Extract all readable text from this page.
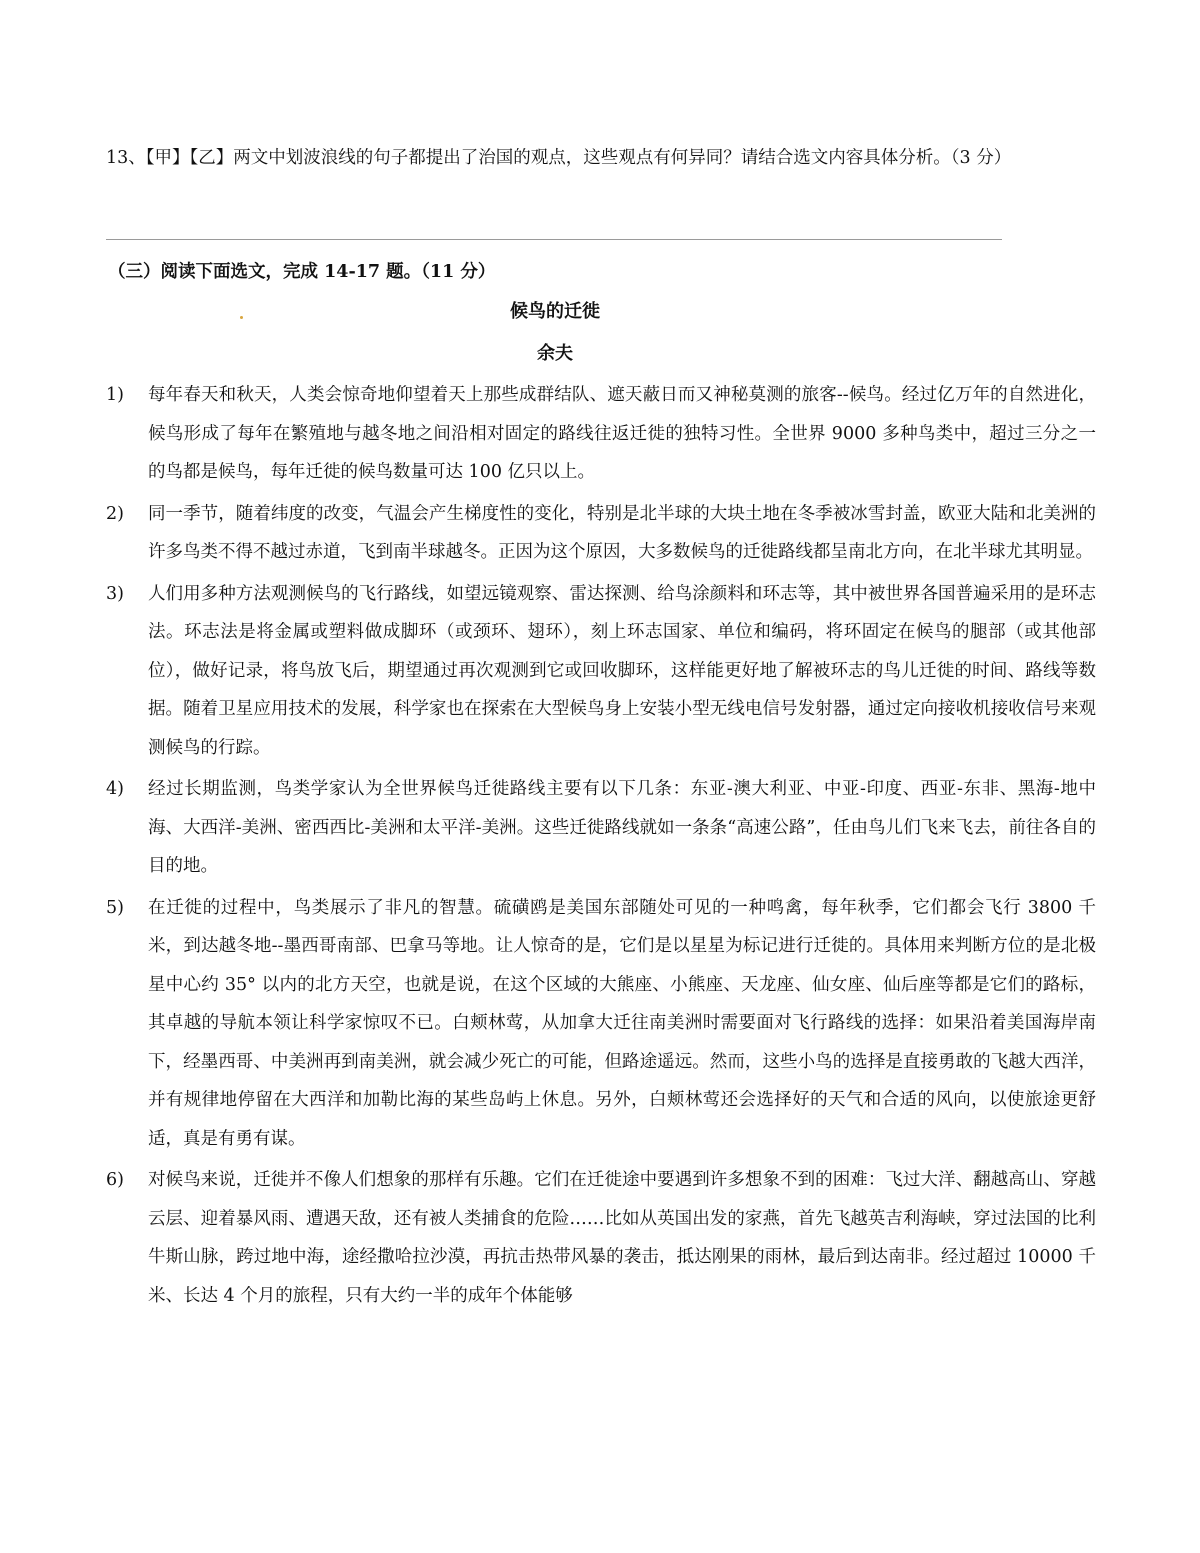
13、【甲】【乙】两文中划波浪线的句子都提出了治国的观点，这些观点有何异同？请结合选文内容具体分析。（3 分）
（三）阅读下面选文，完成 14-17 题。（11 分）
候鸟的迁徙
余夫
1) 每年春天和秋天，人类会惊奇地仰望着天上那些成群结队、遮天蔽日而又神秘莫测的旅客--候鸟。经过亿万年的自然进化，候鸟形成了每年在繁殖地与越冬地之间沿相对固定的路线往返迁徙的独特习性。全世界 9000 多种鸟类中，超过三分之一的鸟都是候鸟，每年迁徙的候鸟数量可达 100 亿只以上。
2) 同一季节，随着纬度的改变，气温会产生梯度性的变化，特别是北半球的大块土地在冬季被冰雪封盖，欧亚大陆和北美洲的许多鸟类不得不越过赤道，飞到南半球越冬。正因为这个原因，大多数候鸟的迁徙路线都呈南北方向，在北半球尤其明显。
3) 人们用多种方法观测候鸟的飞行路线，如望远镜观察、雷达探测、给鸟涂颜料和环志等，其中被世界各国普遍采用的是环志法。环志法是将金属或塑料做成脚环（或颈环、翅环），刻上环志国家、单位和编码，将环固定在候鸟的腿部（或其他部位），做好记录，将鸟放飞后，期望通过再次观测到它或回收脚环，这样能更好地了解被环志的鸟儿迁徙的时间、路线等数据。随着卫星应用技术的发展，科学家也在探索在大型候鸟身上安装小型无线电信号发射器，通过定向接收机接收信号来观测候鸟的行踪。
4) 经过长期监测，鸟类学家认为全世界候鸟迁徙路线主要有以下几条：东亚-澳大利亚、中亚-印度、西亚-东非、黑海-地中海、大西洋-美洲、密西西比-美洲和太平洋-美洲。这些迁徙路线就如一条条“高速公路”，任由鸟儿们飞来飞去，前往各自的目的地。
5) 在迁徙的过程中，鸟类展示了非凡的智慧。硫磺鸥是美国东部随处可见的一种鸣禽，每年秋季，它们都会飞行 3800 千米，到达越冬地--墨西哥南部、巴拿马等地。让人惊奇的是，它们是以星星为标记进行迁徙的。具体用来判断方位的是北极星中心约 35° 以内的北方天空，也就是说，在这个区域的大熊座、小熊座、天龙座、仙女座、仙后座等都是它们的路标，其卓越的导航本领让科学家惊叹不已。白颊林莺，从加拿大迁往南美洲时需要面对飞行路线的选择：如果沿着美国海岸南下，经墨西哥、中美洲再到南美洲，就会减少死亡的可能，但路途遥远。然而，这些小鸟的选择是直接勇敢的飞越大西洋，并有规律地停留在大西洋和加勒比海的某些岛屿上休息。另外，白颊林莺还会选择好的天气和合适的风向，以使旅途更舒适，真是有勇有谋。
6) 对候鸟来说，迁徙并不像人们想象的那样有乐趣。它们在迁徙途中要遇到许多想象不到的困难：飞过大洋、翻越高山、穿越云层、迎着暴风雨、遭遇天敌，还有被人类捕食的危险……比如从英国出发的家燕，首先飞越英吉利海峡，穿过法国的比利牛斯山脉，跨过地中海，途经撒哈拉沙漠，再抗击热带风暴的袭击，抵达刚果的雨林，最后到达南非。经过超过 10000 千米、长达 4 个月的旅程，只有大约一半的成年个体能够
